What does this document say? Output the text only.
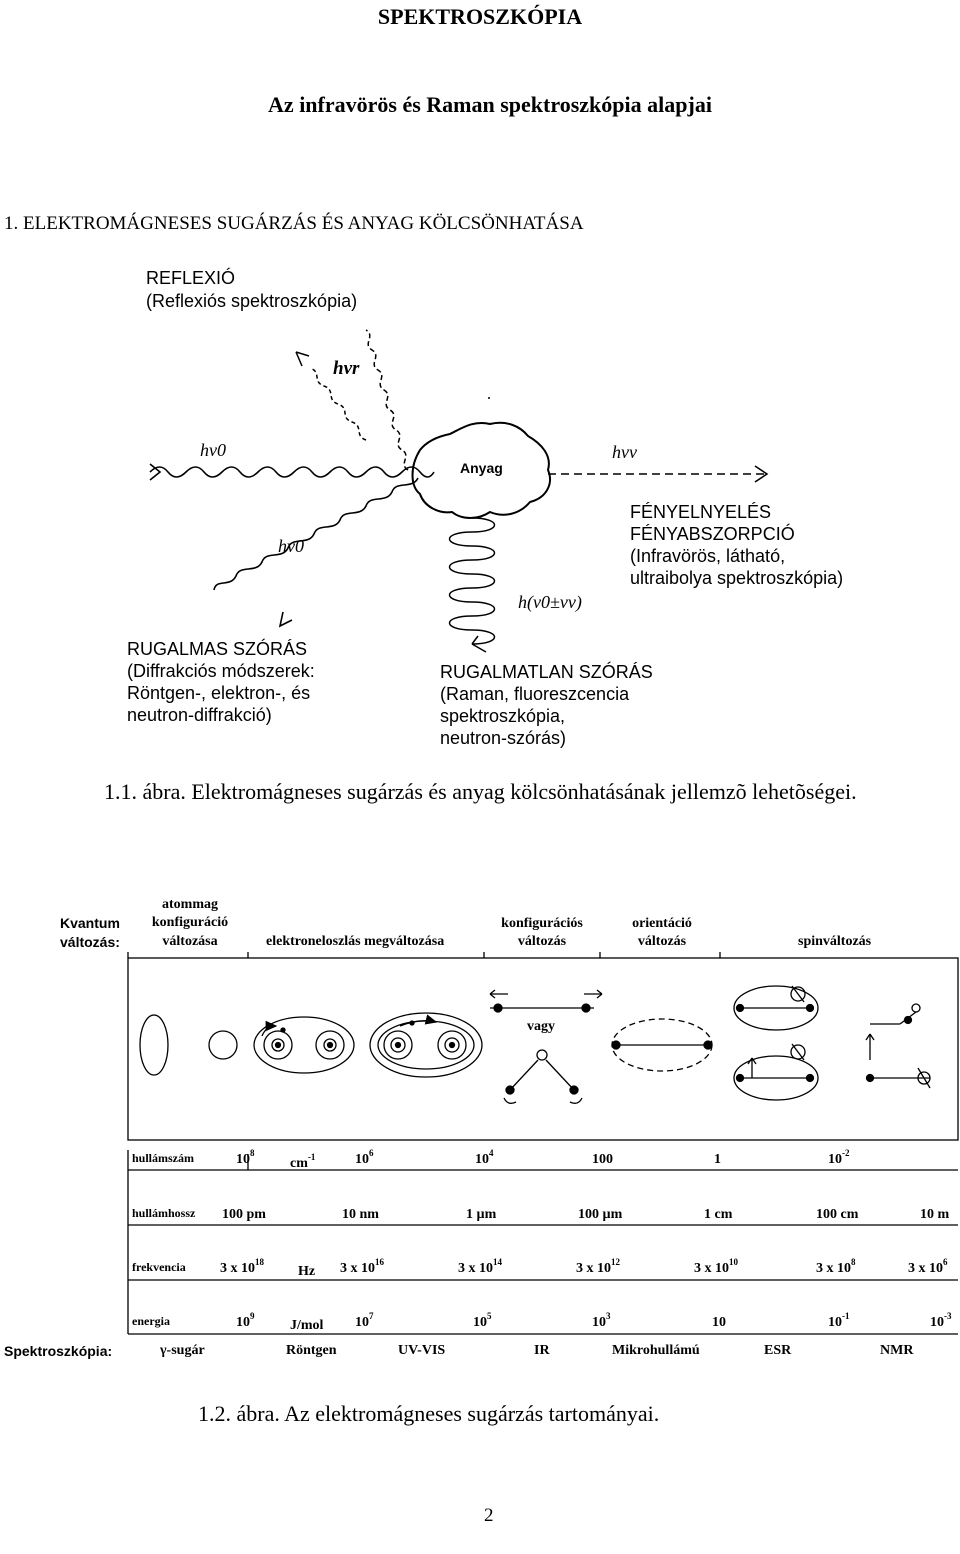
SPEKTROSZKÓPIA
Az infravörös és Raman spektroszkópia alapjai
1. ELEKTROMÁGNESES SUGÁRZÁS ÉS ANYAG KÖLCSÖNHATÁSA
REFLEXIÓ
(Reflexiós spektroszkópia)
hνr
hν0
hν0
hνv
h(ν0±νv)
Anyag
FÉNYELNYELÉS
FÉNYABSZORPCIÓ
(Infravörös, látható,
ultraibolya spektroszkópia)
RUGALMAS SZÓRÁS
(Diffrakciós módszerek:
Röntgen-, elektron-, és
neutron-diffrakció)
RUGALMATLAN SZÓRÁS
(Raman, fluoreszcencia
spektroszkópia,
neutron-szórás)
1.1. ábra. Elektromágneses sugárzás és anyag kölcsönhatásának jellemzõ lehetõségei.
Kvantum
változás:
atommag
konfiguráció
változása	elektroneloszlás megváltozása
konfigurációs
változás
orientáció
változás	spinváltozás
vagy
hullámszám	$cm^{-1}$
$10^8$	$10^6$	$10^4$	100	1	$10^{-2}$
hullámhossz 100 pm	10 nm	1 µm	100 µm	1 cm	100 cm	10 m
frekvencia	Hz
3 x $10^{18}$	3 x $10^{16}$	3 x $10^{14}$	3 x $10^{12}$	3 x $10^{10}$	3 x $10^8$	3 x $10^6$
energia	J/mol
$10^9$	$10^7$	$10^5$	$10^3$	10	$10^{-1}$	$10^{-3}$
Spektroszkópia:	γ-sugár	Röntgen	UV-VIS	IR	Mikrohullámú	ESR	NMR
1.2. ábra. Az elektromágneses sugárzás tartományai.
2
